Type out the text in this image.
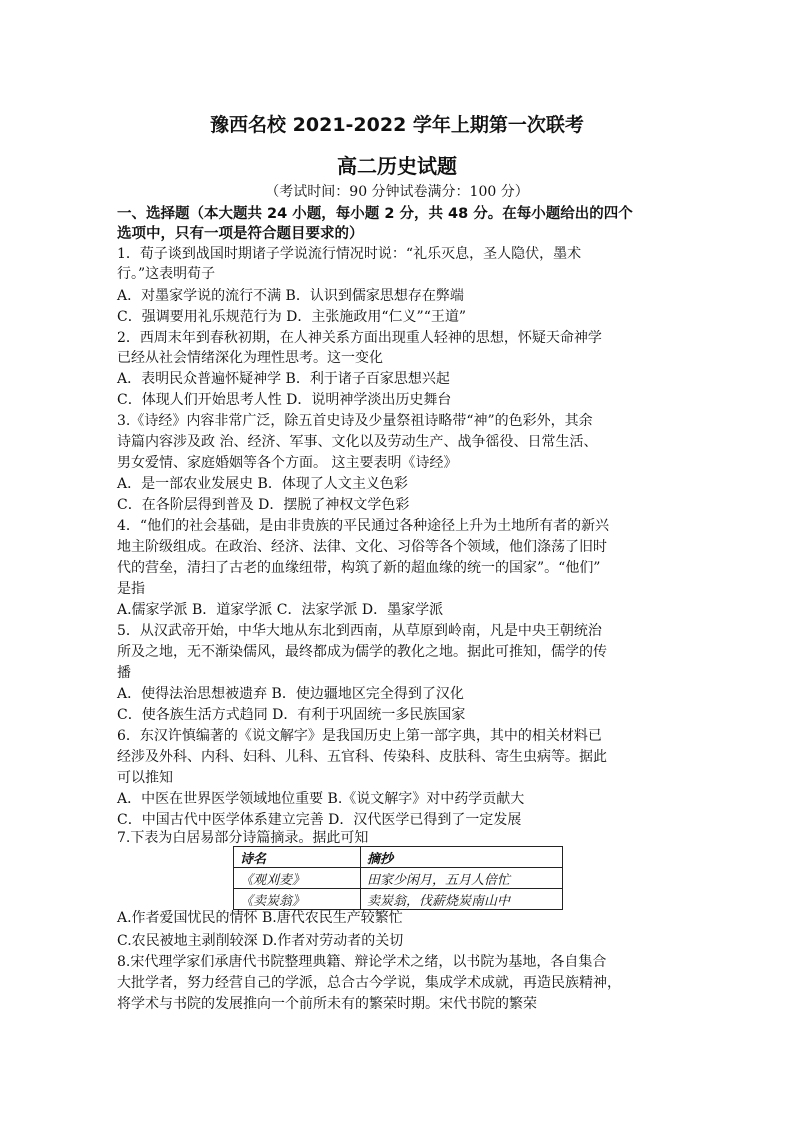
豫西名校 2021-2022 学年上期第一次联考
高二历史试题
（考试时间：90 分钟试卷满分：100 分）
一、选择题（本大题共 24 小题，每小题 2 分，共 48 分。在每小题给出的四个
选项中，只有一项是符合题目要求的）
1．荀子谈到战国时期诸子学说流行情况时说：“礼乐灭息，圣人隐伏，墨术
行。”这表明荀子
A．对墨家学说的流行不满 B．认识到儒家思想存在弊端
C．强调要用礼乐规范行为 D．主张施政用“仁义”“王道”
2．西周末年到春秋初期，在人神关系方面出现重人轻神的思想，怀疑天命神学
已经从社会情绪深化为理性思考。这一变化
A．表明民众普遍怀疑神学 B．利于诸子百家思想兴起
C．体现人们开始思考人性 D．说明神学淡出历史舞台
3.《诗经》内容非常广泛，除五首史诗及少量祭祖诗略带“神”的色彩外，其余
诗篇内容涉及政 治、经济、军事、文化以及劳动生产、战争徭役、日常生活、
男女爱情、家庭婚姻等各个方面。 这主要表明《诗经》
A．是一部农业发展史 B．体现了人文主义色彩
C．在各阶层得到普及 D．摆脱了神权文学色彩
4．“他们的社会基础，是由非贵族的平民通过各种途径上升为土地所有者的新兴
地主阶级组成。在政治、经济、法律、文化、习俗等各个领域，他们涤荡了旧时
代的营垒，清扫了古老的血缘纽带，构筑了新的超血缘的统一的国家”。“他们”
是指
A.儒家学派 B．道家学派 C．法家学派 D．墨家学派
5．从汉武帝开始，中华大地从东北到西南，从草原到岭南，凡是中央王朝统治
所及之地，无不渐染儒风，最终都成为儒学的教化之地。据此可推知，儒学的传
播
A．使得法治思想被遗弃 B．使边疆地区完全得到了汉化
C．使各族生活方式趋同 D．有利于巩固统一多民族国家
6．东汉许慎编著的《说文解字》是我国历史上第一部字典，其中的相关材料已
经涉及外科、内科、妇科、儿科、五官科、传染科、皮肤科、寄生虫病等。据此
可以推知
A．中医在世界医学领域地位重要 B.《说文解字》对中药学贡献大
C．中国古代中医学体系建立完善 D．汉代医学已得到了一定发展
7.下表为白居易部分诗篇摘录。据此可知
诗名	摘抄
《观刈麦》	田家少闲月，五月人倍忙
《卖炭翁》	卖炭翁，伐薪烧炭南山中
A.作者爱国忧民的情怀 B.唐代农民生产较繁忙
C.农民被地主剥削较深 D.作者对劳动者的关切
8.宋代理学家们承唐代书院整理典籍、辩论学术之绪，以书院为基地，各自集合
大批学者，努力经营自己的学派，总合古今学说，集成学术成就，再造民族精神，
将学术与书院的发展推向一个前所未有的繁荣时期。宋代书院的繁荣
